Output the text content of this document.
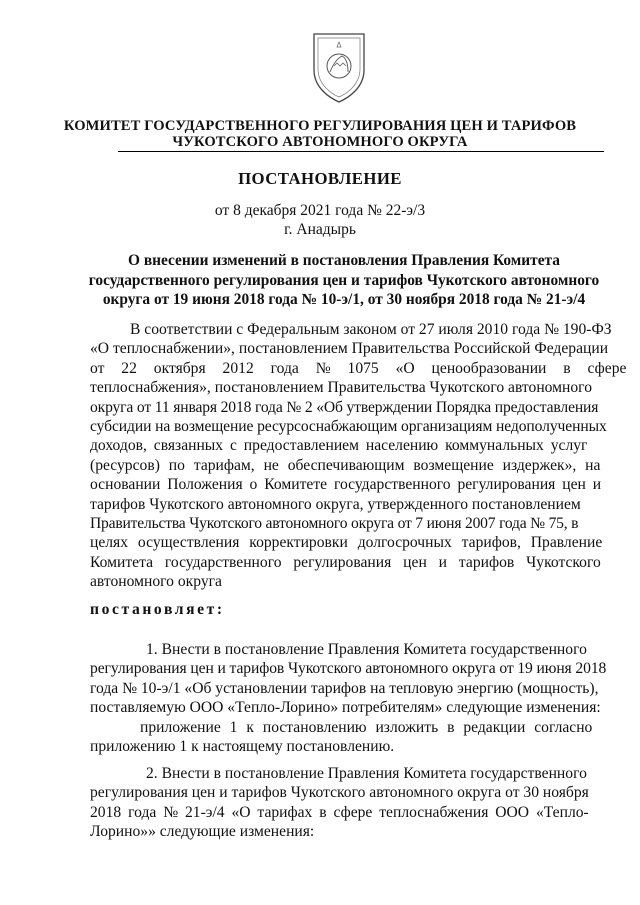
КОМИТЕТ ГОСУДАРСТВЕННОГО РЕГУЛИРОВАНИЯ ЦЕН И ТАРИФОВ
ЧУКОТСКОГО АВТОНОМНОГО ОКРУГА
ПОСТАНОВЛЕНИЕ
от 8 декабря 2021 года № 22-э/3
г. Анадырь
О внесении изменений в постановления Правления Комитета
государственного регулирования цен и тарифов Чукотского автономного
округа от 19 июня 2018 года № 10-э/1, от 30 ноября 2018 года № 21-э/4
В соответствии с Федеральным законом от 27 июля 2010 года № 190-ФЗ
«О теплоснабжении», постановлением Правительства Российской Федерации
от 22 октября 2012 года № 1075 «О ценообразовании в сфере
теплоснабжения», постановлением Правительства Чукотского автономного
округа от 11 января 2018 года № 2 «Об утверждении Порядка предоставления
субсидии на возмещение ресурсоснабжающим организациям недополученных
доходов, связанных с предоставлением населению коммунальных услуг
(ресурсов) по тарифам, не обеспечивающим возмещение издержек», на
основании Положения о Комитете государственного регулирования цен и
тарифов Чукотского автономного округа, утвержденного постановлением
Правительства Чукотского автономного округа от 7 июня 2007 года № 75, в
целях осуществления корректировки долгосрочных тарифов, Правление
Комитета государственного регулирования цен и тарифов Чукотского
автономного округа
постановляет:
1. Внести в постановление Правления Комитета государственного
регулирования цен и тарифов Чукотского автономного округа от 19 июня 2018
года № 10-э/1 «Об установлении тарифов на тепловую энергию (мощность),
поставляемую ООО «Тепло-Лорино» потребителям» следующие изменения:
приложение 1 к постановлению изложить в редакции согласно
приложению 1 к настоящему постановлению.
2. Внести в постановление Правления Комитета государственного
регулирования цен и тарифов Чукотского автономного округа от 30 ноября
2018 года № 21-э/4 «О тарифах в сфере теплоснабжения ООО «Тепло-
Лорино»» следующие изменения:
